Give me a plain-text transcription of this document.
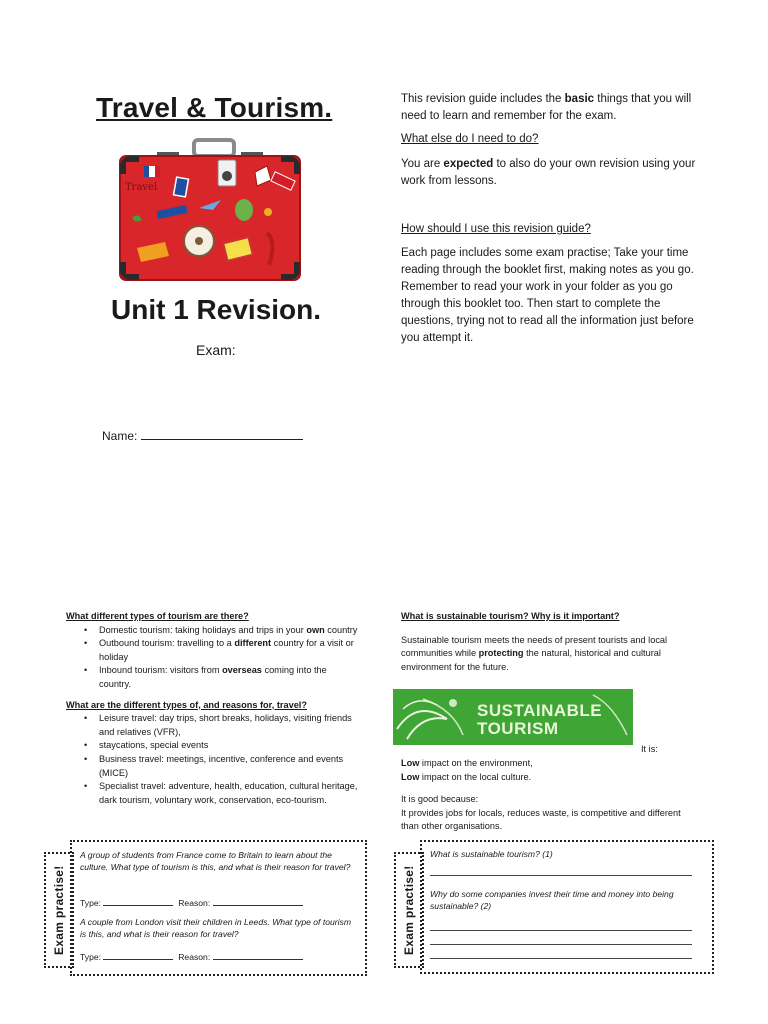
Travel & Tourism.
Travel
Unit 1 Revision.
Exam:
Name:
This revision guide includes the basic things that you will need to learn and remember for the exam.
What else do I need to do?
You are expected to also do your own revision using your work from lessons.
How should I use this revision guide?
Each page includes some exam practise; Take your time reading through the booklet first, making notes as you go. Remember to read your work in your folder as you go through this booklet too. Then start to complete the questions, trying not to read all the information just before you attempt it.
What different types of tourism are there?
• Domestic tourism: taking holidays and trips in your own country
• Outbound tourism: travelling to a different country for a visit or holiday
• Inbound tourism: visitors from overseas coming into the country.
What are the different types of, and reasons for, travel?
• Leisure travel: day trips, short breaks, holidays, visiting friends and relatives (VFR),
• staycations, special events
• Business travel: meetings, incentive, conference and events (MICE)
• Specialist travel: adventure, health, education, cultural heritage, dark tourism, voluntary work, conservation, eco-tourism.
Exam practise!
A group of students from France come to Britain to learn about the culture. What type of tourism is this, and what is their reason for travel?
Type:	Reason:
A couple from London visit their children in Leeds. What type of tourism is this, and what is their reason for travel?
Type:	Reason:
What is sustainable tourism? Why is it important?
Sustainable tourism meets the needs of present tourists and local communities while protecting the natural, historical and cultural environment for the future.
SUSTAINABLE
TOURISM
It is:
Low impact on the environment,
Low impact on the local culture.
It is good because:
It provides jobs for locals, reduces waste, is competitive and different than other organisations.
Exam practise!
What is sustainable tourism? (1)
Why do some companies invest their time and money into being sustainable? (2)
